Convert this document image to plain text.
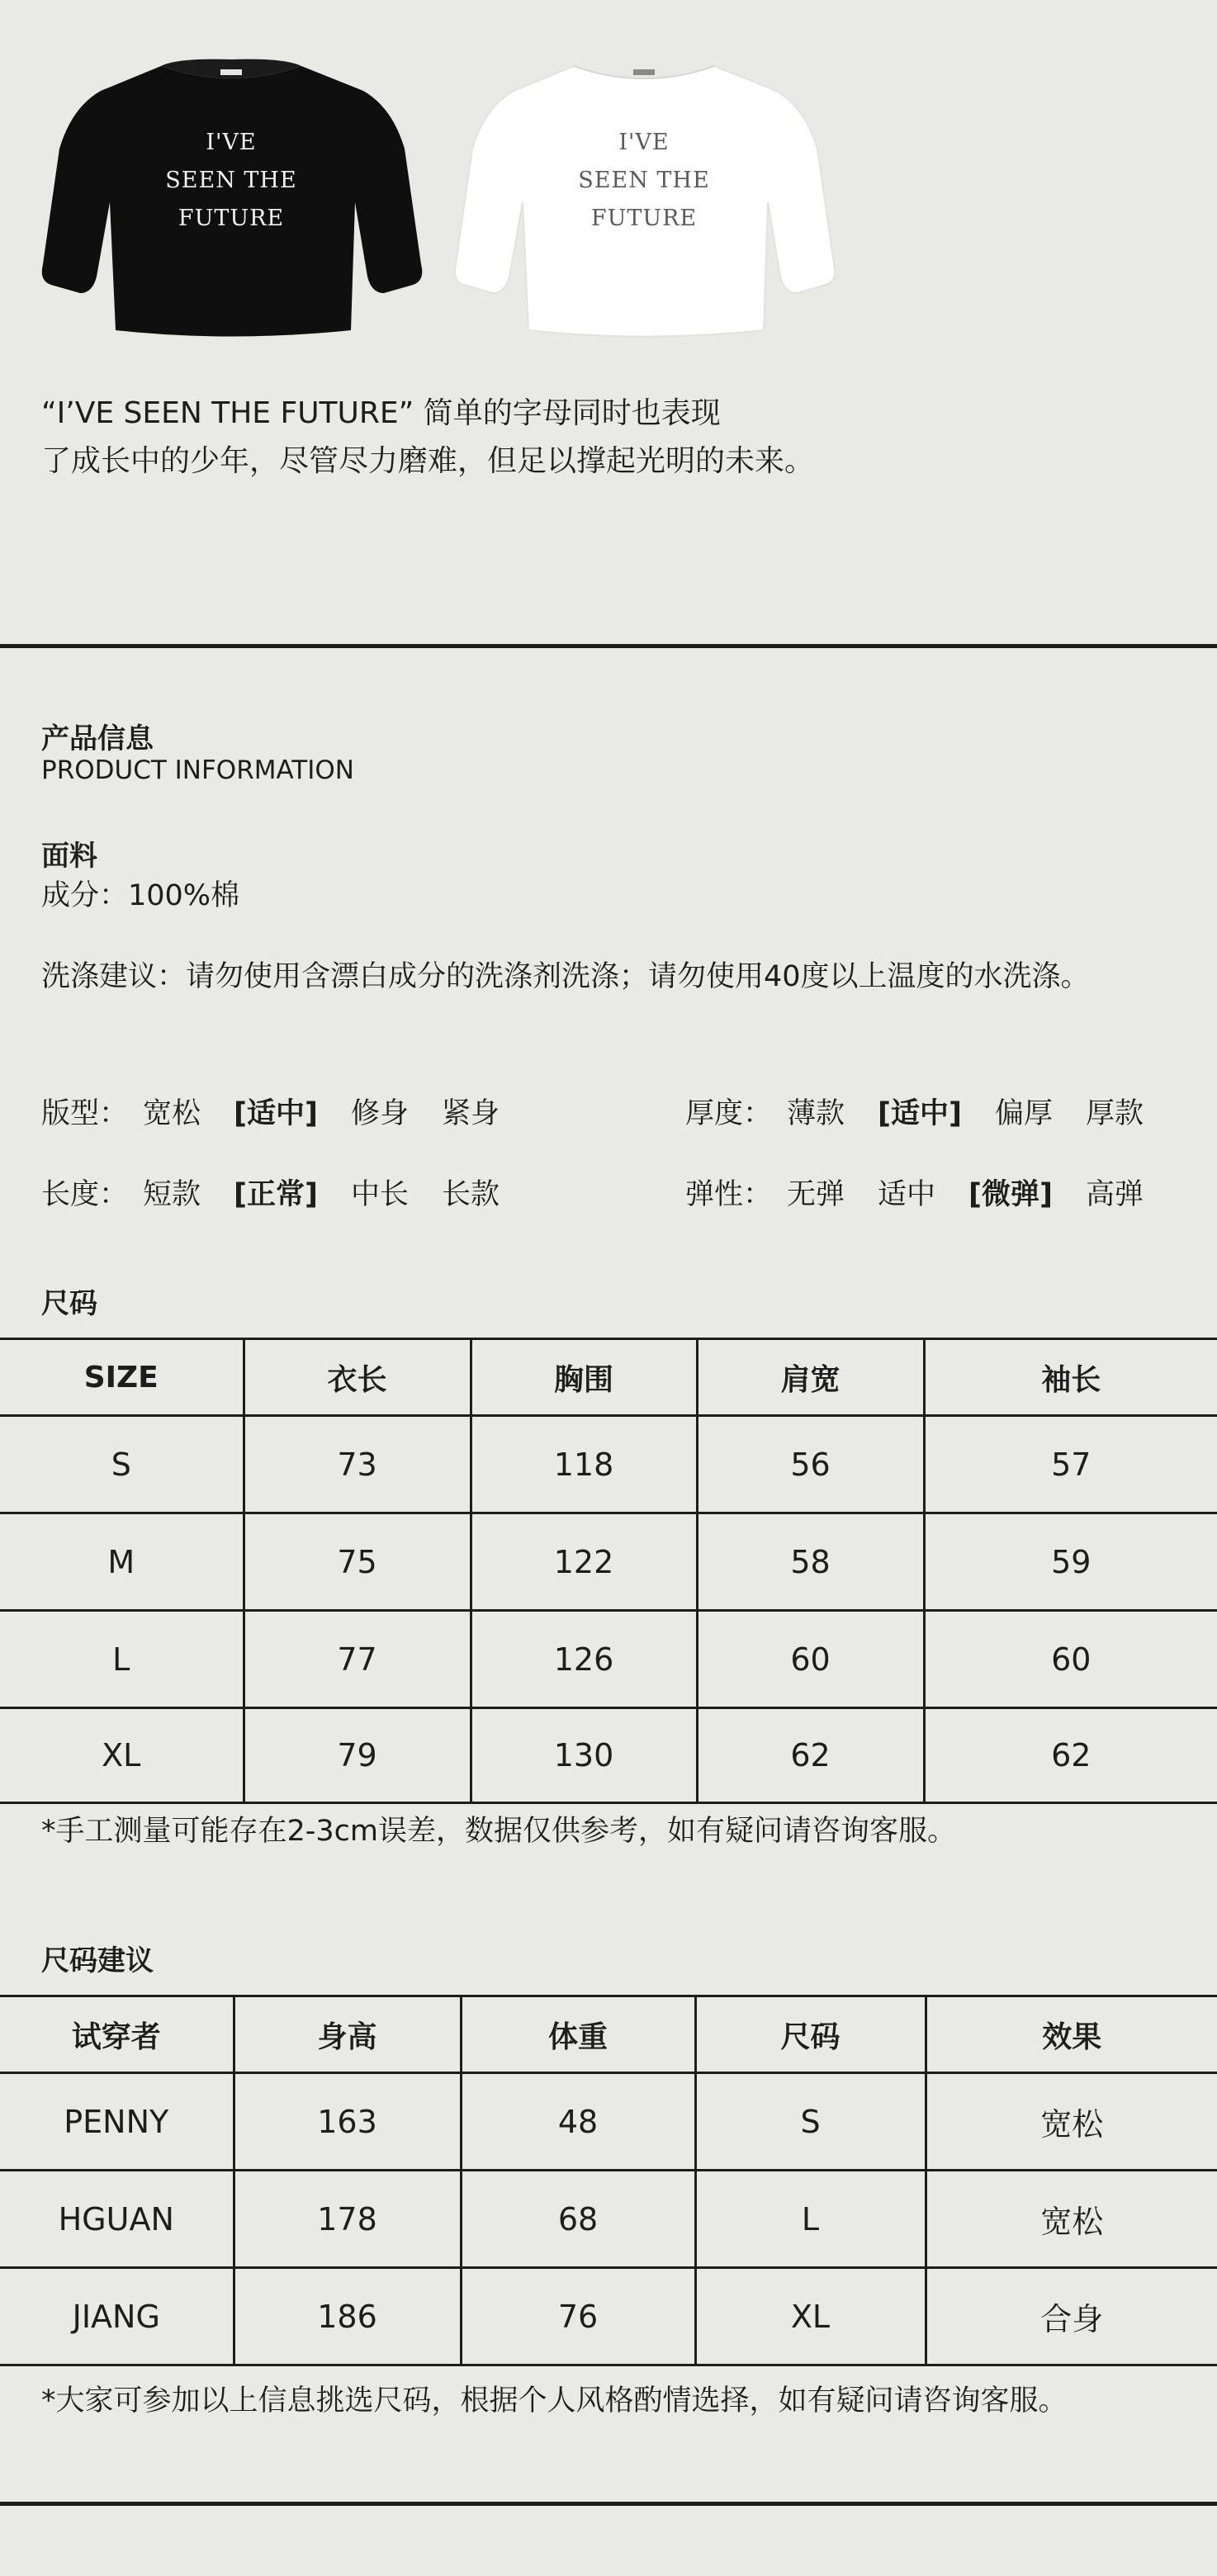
I'VE
SEEN THE
FUTURE
I'VE
SEEN THE
FUTURE
“I’VE SEEN THE FUTURE” 简单的字母同时也表现
了成长中的少年，尽管尽力磨难，但足以撑起光明的未来。
产品信息
PRODUCT INFORMATION
面料
成分：100%棉
洗涤建议：请勿使用含漂白成分的洗涤剂洗涤；请勿使用40度以上温度的水洗涤。
版型： 宽松 [适中] 修身 紧身	厚度： 薄款 [适中] 偏厚 厚款
长度： 短款 [正常] 中长 长款	弹性： 无弹 适中 [微弹] 高弹
尺码
SIZE	衣长	胸围	肩宽	袖长
S	73	118	56	57
M	75	122	58	59
L	77	126	60	60
XL	79	130	62	62
*手工测量可能存在2-3cm误差，数据仅供参考，如有疑问请咨询客服。
尺码建议
试穿者	身高	体重	尺码	效果
PENNY	163	48	S	宽松
HGUAN	178	68	L	宽松
JIANG	186	76	XL	合身
*大家可参加以上信息挑选尺码，根据个人风格酌情选择，如有疑问请咨询客服。
